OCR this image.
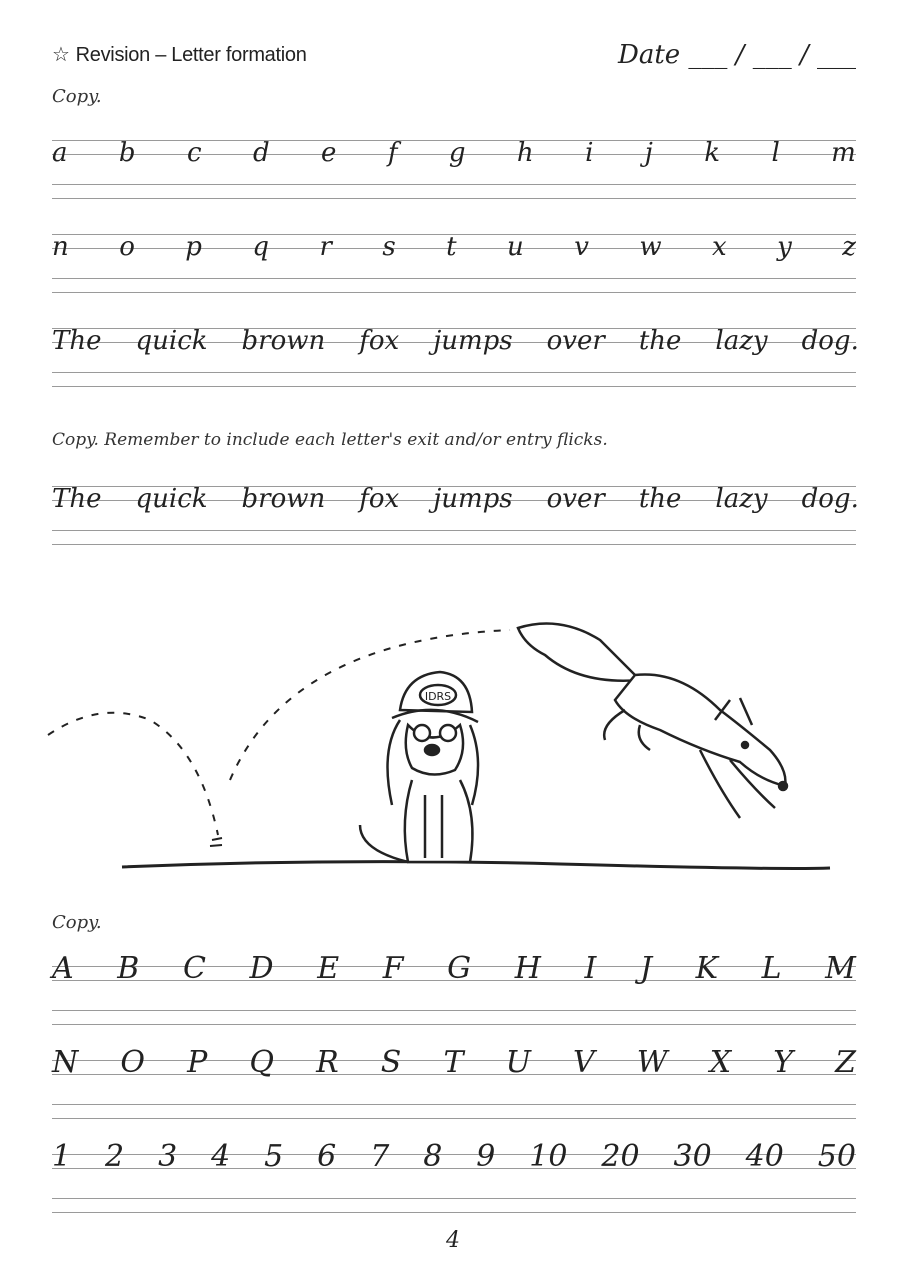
☆ Revision – Letter formation	Date ___ / ___ / ___
Copy.
a b c d e f g h i j k l m
n o p q r s t u v w x y z
The quick brown fox jumps over the lazy dog.
Copy. Remember to include each letter's exit and/or entry flicks.
The quick brown fox jumps over the lazy dog.
IDRS
Copy.
A B C D E F G H I J K L M
N O P Q R S T U V W X Y Z
1 2 3 4 5 6 7 8 9 10 20 30 40 50
4
